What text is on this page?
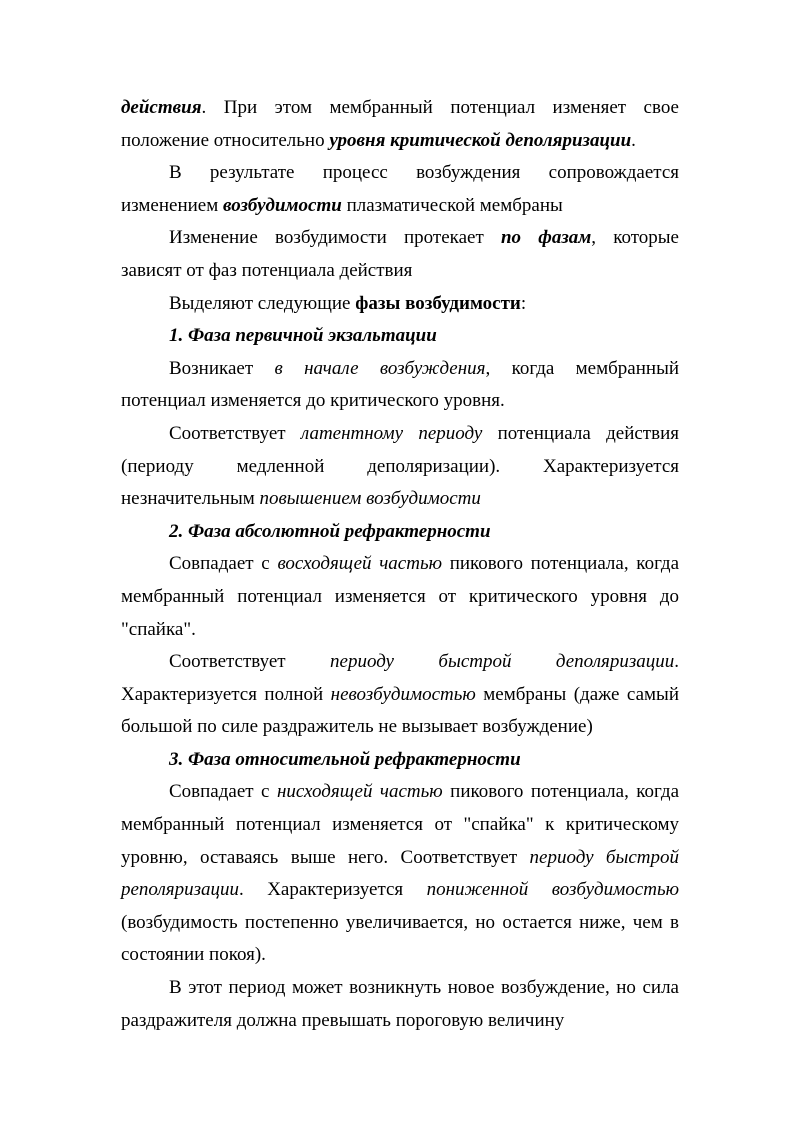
действия. При этом мембранный потенциал изменяет свое положение относительно уровня критической деполяризации.

В результате процесс возбуждения сопровождается изменением возбудимости плазматической мембраны

Изменение возбудимости протекает по фазам, которые зависят от фаз потенциала действия

Выделяют следующие фазы возбудимости:

1. Фаза первичной экзальтации

Возникает в начале возбуждения, когда мембранный потенциал изменяется до критического уровня.

Соответствует латентному периоду потенциала действия (периоду медленной деполяризации). Характеризуется незначительным повышением возбудимости

2. Фаза абсолютной рефрактерности

Совпадает с восходящей частью пикового потенциала, когда мембранный потенциал изменяется от критического уровня до "спайка".

Соответствует периоду быстрой деполяризации. Характеризуется полной невозбудимостью мембраны (даже самый большой по силе раздражитель не вызывает возбуждение)

3. Фаза относительной рефрактерности

Совпадает с нисходящей частью пикового потенциала, когда мембранный потенциал изменяется от "спайка" к критическому уровню, оставаясь выше него. Соответствует периоду быстрой реполяризации. Характеризуется пониженной возбудимостью (возбудимость постепенно увеличивается, но остается ниже, чем в состоянии покоя).

В этот период может возникнуть новое возбуждение, но сила раздражителя должна превышать пороговую величину
